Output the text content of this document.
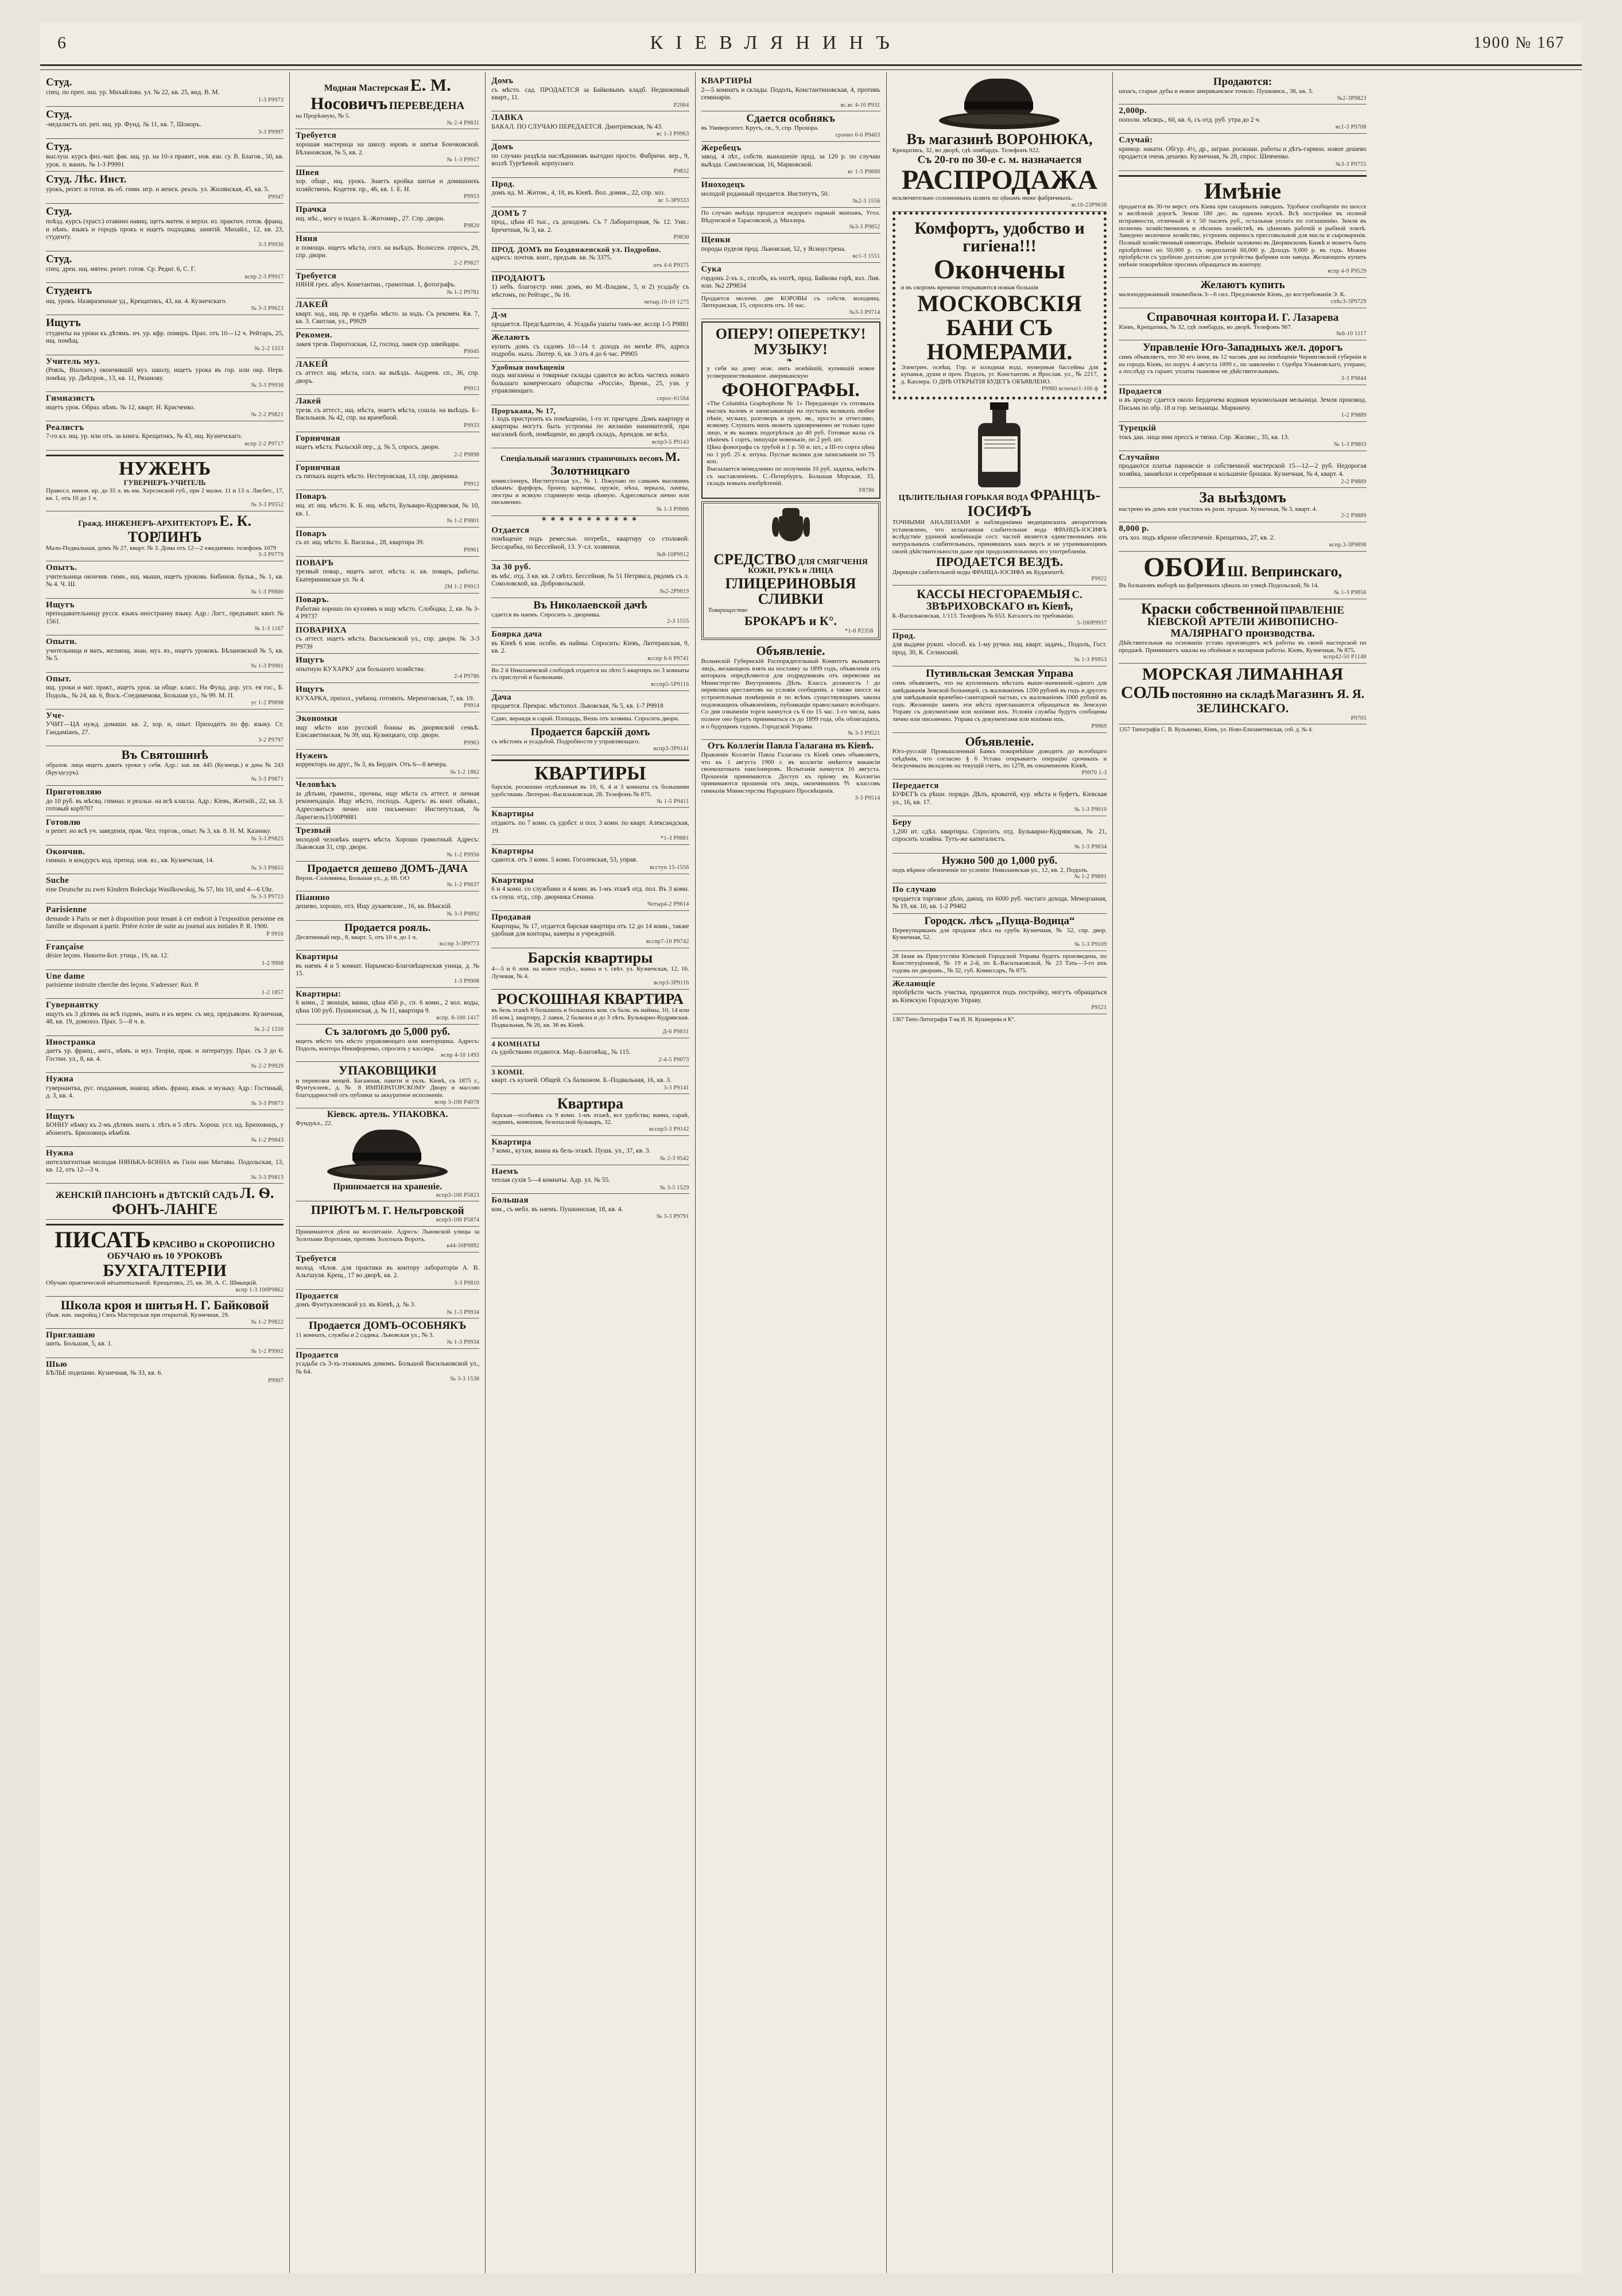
6	КІЕВЛЯНИНЪ	1900 № 167
Студ.
спец. по преп. нш. ур. Михайлова. ул. № 22, кв. 25, вид. В. М.
1-3 Р9973
Студ.
-медалистъ оп. реп. ищ. ур. Фунд. № 11, кв. 7, Шокоръ.
3-3 Р9997
Студ.
выслуш. курсъ физ.-мат. фак. ищ. ур. на 10-л правит., нов. язн. су. В. Благов., 50, кв. урок. п. ваннъ. № 1-3 Р9991
Студ. Лѣс. Инст.
урокъ, репет. и готов. въ об. гимн. игр. и женск. реалъ. ул. Жилянская, 45, кв. 5.
Р9947
Студ.
поѣзд. курсъ (храст.) отавино навиц. щетъ матем. и верхн. из. практич. готов. франц. и нѣмъ. языкъ и городъ прокъ и ищетъ подходящ. занятій. Михайл., 12, кв. 23, студенту.
3-3 Р9936
Студ.
спец. дрен. ищ. мятен. репет. готов. Ср. Реднг. 6, С. Г.
вспр 2-3 Р9917
Студентъ
ищ. урокъ. Назвразенные уд., Крещатикъ, 43, кв. 4. Кузнечскаго.
№ 3-3 Р9623
Ищутъ
студенты на уроки къ дѣтямъ. нч. ур. кфр. помиръ. Прах. отъ 10—12 ч. Рейтаръ, 25, ищ. помѣщ.
№ 2-2 1553
Учитель муз.
(Рояль, Віолонч.) окончившій муз. школу, ищетъ урока въ гор. или окр. Нерв. помѣщ. ур. Днѣпров., 13, кв. 11, Рязанову.
№ 3-3 Р9930
Гимназистъ
ищетъ урок. Образ. нѣмъ. № 12, кварт. Н. Красченко.
№ 2-2 Р9821
Реалистъ
7-го кл. ищ. ур. или отъ. за книга. Крещатикъ, № 43, ищ. Кузнечскаго.
вспр 2-2 Р9717
НУЖЕНЪ
ГУВЕРНЕРЪ-УЧИТЕЛЬ
Правосл. иннов. ир. до 35 л. въ им. Херсонской губ., при 2 мальч. 11 и 13 л. Лисбет., 17, кв. 1, отъ 10 до 1 ч.
№ 3-3 Р9552
Гражд. ИНЖЕНЕРЪ-АРХИТЕКТОРЪ Е. К. ТОРЛИНЪ
Мало-Подвальная, домъ № 27, кварт. № 3. Дома отъ 12—2 ежедневно. телефонъ 1079
3-3 Р9779
Опытъ.
учительница окончив. гимн., ищ. мыши, ищетъ урокова. Бибинов. бульв., № 1, кв. № 4. Ч. Ш.
№ 1-3 Р9800
Ищутъ
преподавательницу русск. языкъ иностранну языку. Адр.: Логт., предъявит. квит. № 1561.
№ 1-3 1167
Опытн.
учительница и мать, желающ. знан. муз. яз., ищетъ урококъ. Бѣлановской № 5, кв. № 5.
№ 1-3 Р9901
Опыт.
ищ. уроки и мат. практ., ищетъ урок. за обще. класс. На Фунд. дор. угл. ея гос., Б. Подоль., № 24, кв. 6, Воск.-Соединенова, Большая ул., № 99. М. П.
уг 1-2 Р9898
Уче-
УЧИТ—ЦА нужд. домашн. кв. 2, хор. и, опыт. Приходитъ по фр. языку. Ст. Гандаміанъ, 27.
3-2 Р9797
Въ Святошинѣ
образов. лица ищетъ давать уроки у себя. Адр.: зая. кв. 445 (Кузнецк.) и дача № 243 (Бруздсуръ).
№ 3-3 Р9871
Приготовляю
до 10 руб. въ мѣсяц. гимназ. и реальн. на всѣ классы. Адр.: Кіевъ, Житній., 22, кв. 3. готовый кор9707
Готовлю
и репет. но всѣ уч. заведенія, прак. Чел. торгов., опыт. № 3, кв. 8. Н. М. Казинку.
№ 3-3 Р9825
Окончив.
гимназ. и кондурсъ код. препод. нов. яз., кв. Кузнечсная, 14.
№ 3-3 Р9855
Suche
eine Deutsche zu zwei Kindern Boleckaja Wasilkowskaj, № 57, bis 10, und 4—6 Uhr.
№ 3-3 Р9723
Parisienne
demande à Paris se met à disposition pour tenant à cet endroit à l'exposition personne en famille se disposant à partir. Prière écrire de suite au journal aux initiales P. R. 1900.
Р 9916
Française
désire leçons. Никити-Бот. утица., 19, кв. 12.
1-2 9908
Une dame
parisienne instruite cherche des leçons. S'adresser: Кол. Р.
1-2 1857
Гувернантку
ищутъ къ 3 дѣтямъ на всѣ годомъ, знать и къ верен. съ мед. предъявлен. Кузнечная, 48, кв. 19, домохоз. Прах. 5—8 ч. в.
№ 2-2 1550
Иностранка
даетъ ур. франц., англ., нѣмъ. и муз. Теоріи, прак. и литературу. Прах. съ 3 до 6. Гостин. ул., 8, кв. 4.
№ 2-2 Р9929
Нужна
гувернантка, рус. подданная, знающ. нѣмъ. франц. язык. и музыку. Адр.: Гостиный, д. 3, кв. 4.
№ 3-3 Р9873
Ищутъ
БОННУ нѣмку къ 2-мъ дѣтямъ знать з. лѣтъ и 5 лѣтъ. Хорош. усл. ид. Брюховицъ, у абонентъ. Брюховицъ нѣмбля.
№ 1-2 Р9843
Нужна
интеллигентная молодая НЯНЬКА-БОННА въ Гили нан Митавы. Подольская, 13, кв. 12, отъ 12—3 ч.
№ 3-3 Р9813
ЖЕНСКІЙ ПАНСІОНЪ и ДѢТСКІЙ САДЪ Л. Ѳ. ФОНЪ-ЛАНГЕ
ПИСАТЬ КРАСИВО и СКОРОПИСНО ОБУЧАЮ въ 10 УРОКОВЪ БУХГАЛТЕРІИ
Обучаю практической иësamentaльной. Крещатикъ, 25, кв. 38, А. С. Шмыцкій.
вспр 1-3 100Р9862
Школа кроя и шитья Н. Г. Байковой
(быв. нач. закройщ.) Сихъ Мастерская при открытой. Кузнечная, 29.
№ 1-2 Р9822
Приглашаю
шить. Большая, 5, кв. 1.
№ 1-2 Р9902
Шью
БѢЛЬЕ подешню. Кузнечная, № 33, кв. 6.
Р9907
Модная Мастерская Е. М. Носовичъ ПЕРЕВЕДЕНА
на Прорѣзную, № 5.
№ 2-4 Р9831
Требуется
хорошая мастерица на школу юровъ и шитья Бончковской. Бѣлановская, № 5, кв. 2.
№ 1-3 Р9917
Швея
хор. обще., ищ. урокъ. Знаетъ кройка шитья и домашнихъ хозяйственъ. Кодетея. пр., 46, кв. 1. Е. Н.
Р9953
Прачка
ищ. мѣс., могу и подел. Б.-Житомир., 27. Спр. дворн.
Р9820
Няня
и помощн. ищетъ мѣста, согл. на выѣздъ. Волнссен. спросъ, 29, спр. дворн.
2-2 Р9827
Требуется
НЯНЯ грех. абуч. Конетантин., грамотная. 1, фотографъ.
№ 1-2 Р9781
ЛАКЕЙ
кварт. ход., ищ. пр. и судебн. мѣсто. за ходъ. Съ рекомен. Кв. 7, кв. 3. Свитлая, ул., Р9929
Рекомен.
лакея трезв. Пирогозская, 12, господ. лакея сур. швейцара.
Р9045
ЛАКЕЙ
съ аттест. ищ. мѣста, согл. на выѣздъ. Андреев. сп., 36, спр. дворъ.
Р9913
Лакей
трезв. съ аттест., ищ. мѣста, знаетъ мѣста, сошла. на выѣздъ. Б.-Васильков. № 42, спр. на врачебной.
Р9933
Горничная
ищетъ мѣста. Рыльскій пер., д. № 5, спросъ. дворн.
2-2 Р9898
Горничная
съ пяткахъ ищетъ мѣсто. Нестеровская, 13, спр. дворника.
Р9912
Поваръ
ищ. ат. ищ. мѣсто. К. Б. ищ. мѣсто, Бульваро-Кудрявская, № 10, кв. 1.
№ 1-2 Р9801
Поваръ
съ ат. ищ. мѣсто. Б. Васильк., 28, квартира 39.
Р9961
ПОВАРЪ
трезвый повар., ищетъ загот. мѣста. н. кв. поваръ, работы. Екатерининская ул. № 4.
2М 1-2 Р9913
Поваръ.
Работаю хорошо по кухнямъ и ищу мѣсто. Слободка, 2, кв. № 3-4 Р9737
ПОВАРИХА
съ аттест. ищетъ мѣста. Васильевской ул., спр. дворн. № 3-3 Р9739
Ищутъ
опытную КУХАРКУ для большого хозяйства.
2-4 Р9786
Ищутъ
КУХАРКА, прихол., умѣющ. готовить. Меренговская, 7, кв. 19.
Р9914
Экономки
ищу мѣсто или русской бонны въ дворянской семьѣ. Елисаветинская, № 39, ищ. Кузнецкаго, спр. дворн.
Р9963
Нуженъ
корректоръ на друг., № 3, въ Бердич. Отъ 6—8 вечера.
№ 1-2 1862
Человѣкъ
за дѣтьми, грамотн., прочны, ищу мѣста съ аттест. и личная рекомендаціи. Ищу мѣсто, господъ. Адресъ: въ конт. объявл., Адресоваться лично или письменно: Институтская, № Ларитзелъ15/00Р9881
Трезвый
молодой человѣкъ ищетъ мѣста. Хорошо грамотный. Адресъ: Львовская 31, спр. дворн.
№ 1-2 Р9956
Продается дешево ДОМЪ-ДАЧА
Верхн.-Соломянка, Большая ул., д. 66. ОО
№ 1-2 Р9837
Піанино
дешево, хорошо, отл. Ищу дукаевские., 16, кв. Вѣнскій.
№ 3-3 Р9892
Продается рояль.
Десятинный пер., 8, кварт. 5, отъ 10 ч. до 1 ч.
всспр 3-3Р9773
Квартиры
въ наемъ 4 и 5 комнат. Нарымско-Благовѣщенская уница, д. № 15.
1-3 Р9908
Квартиры:
6 комн., 2 звонціи, ванна, цѣна 450 р., сп. 6 комн., 2 кол. воды, цѣна 100 руб. Пушкинская, д. № 11, квартира 9.
вспр. 8-100 1417
Съ залогомъ до 5,000 руб.
ищетъ мѣсто чть мѣсто управляющаго или конторщика. Адресъ: Подолъ, контора Никифоренко, спросить у кассира.
вспр 4-10 1493
УПАКОВЩИКИ
и перевозки вещей. Багажная, пакети и уклъ. Кіевѣ, съ 1875 г., Фунтуклеев., д. № 8 ИМПЕРАТОРСКОМУ Двору и массою благодарностей отъ публики за аккуратное исполненіе.
вспр 3-100 Р4078
Кіевск. артель. УПАКОВКА.
Фундукл., 22.
Принимается на храненіе.
вспр3-100 Р5823
ПРІЮТЪ М. Г. Нельгровской
вспр3-100 Р5874
Принимаются дѣти на воспитаніе. Адресъ: Львовской улицы за Золотыми Воротами, противъ Золотыхъ Воротъ.
в44-50Р9892
Требуется
молод. чѣлов. для практики въ контору лабораторіи А. В. Альтшуля. Крещ., 17 во дворѣ, кв. 2.
3-3 Р9810
Продается
домъ Фунтуклеевской ул. въ Кіевѣ, д. № 3.
№ 1-3 Р9934
Продается ДОМЪ-ОСОБНЯКЪ
11 комнатъ, службы и 2 садика. Львовская ул., № 3.
№ 1-3 Р9934
Продается
усадьба съ 3-хъ-этажнымъ домомъ. Большой Васильковской ул., № 64.
№ 3-3 1538
Домъ
съ мѣсто. сад. ПРОДАЕТСЯ за Байковымъ кладб. Недвижимый кварт., 11.
Р2064
ЛАВКА
БАКАЛ. ПО СЛУЧАЮ ПЕРЕДАЕТСЯ. Дмитріевская, № 43.
вс 1-3 Р9963
Домъ
по случаю раздѣла наслѣдниковъ выгодно просто. Фабричн. вер., 9, возлѣ Тургѣевой. корпуснаго.
Р9832
Прод.
домъ ид. М. Житом., 4, 18, въ Кіевѣ. Вол. домик., 22, спр. хоз.
вс 1-3Р9333
ДОМЪ 7
прод., цѣна 45 тыс., съ доходомъ. Съ 7 Лабораторная, № 12. Уни.: Бречетная, № 3, кв. 2.
Р9830
ПРОД. ДОМЪ по Боздвиженской ул. Подробно.
адресъ: почтов. конт., предъяв. кв. № 3375.
отъ 4-6 Р9375
ПРОДАЮТЪ
1) небъ. благоустр. ими. домъ, во М.-Владим., 5, и 2) усадьбу съ мѣстомъ, по Рейтарс., № 16.
четыр.10-10 1275
Д-м
продается. Предсѣдателю, 4. Усадьба ушаты тамъ-же. всспр 1-5 Р9881
Желаютъ
купить домъ съ садомъ 10—14 т. доходъ по менѣе 8%, адреса подробн. ныхъ. Лютер. 6, кв. 3 отъ 4 до 6 час. Р9905
Удобныя помѣщенія
подъ магазины и товарные склады сдаются во всѣхъ частяхъ новаго большаго комерческаго общества «Россія», Врени., 25, узн. у управляющаго.
спрос-61564
Проръкана, № 17,
1 ходъ пристроить къ помѣщенію, 1-го эт. пригоден. Домъ квартиру и квартиры могутъ быть устроены по желанію нанимателей, при магазинѣ болѣ, помѣщеніе, во дворѣ складъ, Арендов. не всѣх.
вспр3-5 Р9143
Спеціальный магазинъ страничныхъ весовъ М. Золотницкаго
комиссіонеръ, Институтская ул., № 1. Покупаю по самымъ высокимъ цѣнамъ: фарфоръ, бронзу, картины, оружіе, мѣха, зеркала, лампы, люстры и всякую старинную вещь цѣнную. Адресоваться лично или письменно.
№ 1-3 Р9906
✶✶✶✶✶✶✶✶✶✶✶
Отдается
помѣщеніе подъ ремесльн. потребл., квартиру со столовой. Бессарабка, по Бессейной, 13. У-сл. хозяинов.
№8-10Р9912
За 30 руб.
въ мѣс. отд. 3 кв. кв. 2 свѣтл. Бессейная, № 51 Нетрякса, рядомъ съ л. Соколовской, кв. Добровольской.
№2-2Р9819
Въ Николаевской дачѣ
сдается въ наемъ. Спросить о. дворника.
2-3 1555
Боярка дача
въ Кіевѣ 6 ком. особн. въ наймы. Спросить: Кіевъ, Лютеранская, 9, кв. 2.
всспр 6-6 Р9741
Во 2 й Николаевской слободкѣ отдается на лѣто 5 квартиръ по 3 комнаты съ прислугой и балконами.
всспр5-5Р9116
Дача
продается. Прекрас. мѣстопол. Львовская, № 5, кв. 1-7 Р9918
Сдаю, верандя и сарай. Площадь, Вешь отъ хозяина. Спросить дворн.
Продается барскій домъ
съ мѣстомъ и усадьбой. Подробности у управляющаго.
вспр3-3Р9141
КВАРТИРЫ
барскія, роскошно отдѣланныя въ 10, 6, 4 и 3 комнаты съ большими удобствами. Лютеран.-Васильковская, 28. Телефонъ № 875.
№ 1-5 Р9411
Квартиры
отдаютъ. по 7 комн. съ удобст. и пол. 3 комн. по кварт. Александская, 19.
*1-3 Р9881
Квартиры
сдаются. отъ 3 комн. 5 комн. Гоголевская, 53, управ.
всступ 15-1556
Квартиры
6 и 4 комн. со службами и 4 комн. въ 1-мъ этажѣ отд. пол. Въ 3 комн. съ соуш. отд., спр. дворника Сенина.
Четыр4-2 Р9614
Продавая
Квартиры, № 17, отдается барская квартира отъ 12 до 14 комн., также удобная для конторы, камеры и учрежденій.
всспр7-10 Р9742
Барскія квартиры
4—5 и 6 лом. на новое отдѣл., ванна и т. свѣт. ул. Кузнечская, 12, 16. Лучевая, № 4.
вспр3-3Р9116
РОСКОШНАЯ КВАРТИРА
въ бель этажѣ 8 большихъ и большихъ ком. съ балк. въ наймы, 10, 14 или 16 ком.], квартиру, 2 лавки, 2 балкона и до 3 лѣтъ. Бульварно-Кудрявская. Подвальная, № 26, кв. 36 въ Кіевѣ.
Д-6 Р9831
4 КОМНАТЫ
съ удобствами отдаются. Мар.-Благовѣщ., № 115.
2-4-5 Р9073
3 КОМН.
кварт. съ кухней. Общей. Съ балконом. Б.-Подвальная, 16, кв. 3.
3-3 Р9141
Квартира
барская—особнякъ съ 9 комн. 1-мъ этажѣ, все удобства; ванна, сарай, ледникъ, конюшня, безопасной бульваръ, 32.
всспр3-3 Р9142
Квартира
7 комн., кухня, ванна въ бель-этажѣ. Пушк. ул., 37, кв. 3.
№ 2-3 9542
Наемъ
теплая сухія 5—4 комнаты. Адр. ул. № 55.
№ 3-5 1529
Большая
ком., съ мебл. въ наемъ. Пушкинская, 18, кв. 4.
№ 3-3 Р9791
КВАРТИРЫ
2—5 комнатъ и склады. Подолъ, Константиновская, 4, противъ семинаріи.
вс.вс 4-10 Р9З1
Сдается особнякъ
въ Университет. Кругъ, св., 9, спр. Прохора.
срочно 6-6 Р9403
Жеребецъ
завод. 4 лѣт., собств. выношеніе прод. за 120 р. по случаю выѣзда. Самсоновская, 16, Марковской.
вс 1-3 Р9880
Иноходецъ
молодой роданный продается. Институтъ, 50.
№2-3 1556
По случаю выѣзда продается недорого парный экипажъ, Угол. Вѣдунской и Тарасовской, д. Миллера.
№3-3 Р9852
Щенки
породы пуделя прод. Львовская, 52, у Ясноустрена.
вс1-3 1551
Сука
гордонъ 2-хъ л., спсобъ, къ охотѣ, прод. Байкова горѣ, взл. Лив. или. №2 2Р9834
Продается молочн. две КОРОВЫ съ собств. колодниц. Лютеранская, 15, спросить отъ. 16 час.
№3-3 Р9714
ОПЕРУ! ОПЕРЕТКУ! МУЗЫКУ!
❧
у себя на дому нож. нить новѣйшій, купившій новое усовершенствованное. американскую
ФОНОГРАФЫ.
«The Columbia Graphophone № 1» Передающіе съ готовыхъ высокъ валовъ и записывающіе на пустыхъ валикахъ любое пѣніе, музыку, разговоръ и проч. яв., просто и отчетливо, всякому. Слушать нихъ можетъ одновременно не только одно лицо, и въ валикъ подогрѣться до 40 руб. Готовые валы съ пѣніемъ 1 сортъ, пишущіе новенькіе, по 2 руб. шт.
Цѣна фонографа съ трубой и 1 р. 50 и. шт., а ІІІ-го сорта цѣна по 1 руб. 25 к. штука. Пустые валики для записыванія по 75 коп.
Высылается немедленно по полученіи 10 руб. задатка, наѣстъ съ наставленіемъ. С.-Петербургъ. Большая Морская, 33, складъ новыхъ изобрѣтеній.
F8786
СРЕДСТВО ДЛЯ СМЯГЧЕНІЯ КОЖИ, РУКЪ и ЛИЦА ГЛИЦЕРИНОВЫЯ СЛИВКИ
Товарищество
БРОКАРЪ и К°.
*1-8 Р2358
Объявленіе.
Волынскій Губернскій Распорядительный Комитетъ вызываетъ лицъ, желающихъ взять на поставку за 1899 годъ, объявленія отъ которыхъ опредѣляются для подрядчиковъ отъ перевозки на Министерство Внутреннихъ Дѣлъ. Классъ должность ! до перевозки арестантовъ на условія сообщеніи, а также шоссе на устроительныя помѣщенія и по всѣмъ существующимъ закона подлежащихъ объявленіямъ, публикаціи правосланаго всеобщаго. Со дня означеніи торги начнутся съ 6 по 15 час. 1-го числа, какъ полное оно будетъ приниматься съ до 1899 года, объ облигаціяхъ, и о будущимъ годомъ. Городской Управы.
№ 3-3 Р9521
Отъ Коллегіи Павла Галагана въ Кіевѣ.
Правленіе Коллегіи Павла Галагана съ Кіевѣ симъ объявляетъ, что къ 1 августа 1900 г. въ коллегіи имѣются вакансіи своекоштныхъ пансіонеровъ. Испытанія начнутся 16 августа. Прошенія принимаются. Доступ къ пріему въ Коллегію принимаются прошенія отъ лицъ, окончившихъ ⅘ классовъ гимназіи Министерства Народнаго Просвѣщенія.
3-3 Р9514
Въ магазинѣ ВОРОНЮКА,
Крещатикъ, 32, во дворѣ, гдѣ ломбардъ. Телефонъ 922.
Съ 20-го по 30-е с. м. назначается РАСПРОДАЖА
исключительно соломенныхъ шляпъ по цѣнамъ ниже фабричныхъ.
вс10-23Р9638
Комфортъ, удобство и гигіена!!! Окончены
и въ скоромъ времени открываются новыя большія
МОСКОВСКІЯ БАНИ СЪ НОМЕРАМИ.
Электрич. освѣщ. Гор. и холодная вода, нумерныя бассейны для купанья, души и проч. Подолъ, уг. Константин. и Ярослав. ул., № 2217, д. Каплера. О ДНѢ ОТКРЫТІЯ БУДЕТЪ ОБЪЯВЛЕНО.
Р9980 вспечат1-100 ф
ЦѢЛИТЕЛЬНАЯ ГОРЬКАЯ ВОДА ФРАНЦЪ-ІОСИФЪ
ТОЧНЫМИ АНАЛИЗАМИ и наблюденіями медицинскихъ авторитетовъ установлено, что испытанная слабительная вода ФРАНЦЪ-ІОСИФЪ вслѣдствіе удачной комбинаціи сост. частей является единственнымъ изъ натуральныхъ слабительныхъ, принявшихъ какъ вкусъ и не утрачивающимъ своей дѣйствительности даже при продолжительномъ его употребленіи.
ПРОДАЕТСЯ ВЕЗДѢ.
Дирекція слабительной воды ФРАНЦА-ІОСИФА въ Будапештѣ.
Р9922
КАССЫ НЕСГОРАЕМЫЯ С. ЗВѢРИХОВСКАГО въ Кіевѣ,
Б.-Васильковская, 1/113. Телефонъ № 653. Каталогъ по требованію.
5-100Р9937
Прод.
для выдачи рукоп. «Іособ. къ 1-му ручки. ищ. кварт. задачъ., Подолъ, Гост. прод. 30, К. Селинский.
№ 1-3 Р9953
Путивльская Земская Управа
симъ объявляетъ, что на купленныхъ мѣстахъ выше-значенной:-одного для завѣдыванія Земской больницей, съ жалованіемъ 1200 рублей въ годъ и другого для завѣдыванія врачебно-санитарной частью, съ жалованіемъ 1000 рублей въ годъ. Желающіе занять эти мѣста приглашаются обращаться въ Земскую Управу съ документами или копіями ихъ. Условія службы будутъ сообщены лично или письменно. Управа съ документами или копіями ихъ.
Р9969
Объявленіе.
Юго-русскій Промышленный Банкъ покорнѣйше доводитъ до всеобщаго свѣдѣнія, что согласно § 6 Устава открываетъ операцію срочныхъ и безсрочныхъ вкладовъ на текущій счетъ, по 1278, въ означенномъ Кіевѣ.
Р9970 1-3
Передается
БУФЕТЪ съ рѣшн. порядн. Дѣлъ, кроватей, кур. мѣста и буфетъ. Кіевская ул., 16, кв. 17.
№ 1-3 Р9010
Беру
1,200 ит. сдѣл. квартиры. Спросить отд. Бульварно-Кудрявская, № 21, спросить хозяйна. Тутъ-же капиталистъ.
№ 1-3 Р9034
Нужно 500 до 1,000 руб.
подъ вѣрное обезпеченіе по условіи: Николаевская ул., 12, кв. 2, Подолъ.
№ 1-2 Р9891
По случаю
продается торговое дѣло, дающ. по 6000 руб. чистаго дохода. Меморзаная, № 19, кв. 10, кв. 1-2 Р9402
Городск. лѣсъ „Пуща-Водица“
Перекупщикамъ для продажи лѣса на срубъ Кузнечная, № 52, спр. двор. Кузнечная, 52.
№ 1-3 Р9109
28 Іюня въ Присутствіи Кіевской Городской Управы будетъ произведена, по Конституціонной, № 19 и 2-й, по Б.-Васильковской, № 23 Тать—3-го ихъ годовъ по дворамъ., № 32, губ. Комиссаръ, № 875.
Желающіе
пріобрѣсти часть участка, продаются подъ постройку, могутъ обращаться въ Кіевскую Городскую Управу.
Р9521
1367 Типо-Литографія Т-ва И. Н. Кушнерева и К°.
Продаются:
шпагъ, старые дубы и новое американское точило. Пушкинск., 36, кв. 3.
№2-3Р9823
2,000р.
пополн. мѣсяцъ., 60, кв. 6, съ отд. руб. утра до 2 ч.
вс1-3 Р9708
Случай:
кримор. накати. Обгур. 4½, др., загран. роскоши. работы и дѣтъ-гармон. новое дешево продается очень дешево. Кузнечная, № 28, спрос. Шевченко.
№3-3 Р9755
Имѣніе
продается въ 30-ти верст. отъ Кіева при сахарныхъ заводахъ. Удобное сообщеніе по шоссе и желѣзной дорогѣ. Земли 180 дес. въ одномъ кускѣ. Всѣ постройки въ полной исправности, отличный и т. 50 тысячъ руб., остальная уплата по соглашенію. Земля въ полномъ хозяйственномъ и лѣсномъ хозяйствѣ, въ цѣнномъ рабочій и рыбной ловлѣ. Заведено молочное хозяйство, устроенъ переносъ прессовальной для масла и сыроваренія. Полный хозяйственный инвентарь. Имѣніе заложено въ Дворянскомъ Банкѣ и можетъ быть пріобрѣтено по 50,000 р. съ переплатой 60,000 р. Доходъ 9,000 р. въ годъ. Можно пріобрѣсти съ удобною доплатою для устройства фабрики или завода. Желающихъ купить имѣніе покорнѣйше просимъ обращаться въ контору.
вспр 4-9 Р9529
Желаютъ купить
малоподержанный локомобиль 3—6 сил. Предложеніе Кіевъ, до востребованія Э. К.
спѣсЗ-3Р9729
Справочная контора И. Г. Лазарева
Кіевъ, Крещатикъ, № 32, гдѣ ломбардъ, во дворѣ. Телефонъ 967.
№6-10 1117
Управленіе Юго-Западныхъ жел. дорогъ
симъ объявляетъ, что 30 его іюня, въ 12 часовъ дня на помѣщеніе Черниговской губерніи и на городъ Кіевъ, по поруч. 4 августа 1899 г., по заявленію г. Одобра Ульяновскаго, утерано, а послѣду съ гарант. уплаты ткановое не дѣйствительнымъ.
3-3 Р9844
Продается
и въ аренду сдается около Бердичева водяная мукомольная мельница. Земля производ. Письма по обр. 18 и гор. мельницы. Маркинчу.
1-2 Р9889
Турецкій
токъ дан. лица ими прессъ и тяпки. Спр. Жилянс., 35, кв. 13.
№ 1-3 Р9803
Случайно
продаются платья парижскіе и собственной мастерской 15—12—2 руб. Недорогая хозяйка, занавѣски и серебряныя и кольшеніе брошки. Кузнечная, № 4, кварт. 4.
2-2 Р9889
За выѣздомъ
настрено въ домъ или участокъ въ разн. продаж. Кузнечная, № 3, кварт. 4.
2-2 Р9889
8,000 р.
отъ хоз. подъ вѣрное обеспеченіе. Крещатикъ, 27, кв. 2.
вспр.3-3Р9898
ОБОИ Ш. Вепринскаго,
Въ большомъ выборѣ на фабричныхъ цѣнахъ по улицѣ Подольской, № 14.
№ 1-3 Р9856
Краски собственной ПРАВЛЕНІЕ КІЕВСКОЙ АРТЕЛИ ЖИВОПИСНО-МАЛЯРНАГО производства.
Дѣйствительная на основаніи устава производятъ всѣ работы въ своей мастерской по продажѣ. Принимаетъ заказы на обойныя и малярныя работы. Кіевъ, Кузнечная, № 875.
вспр42-50 Р1148
МОРСКАЯ ЛИМАННАЯ СОЛЬ постоянно на складѣ Магазинъ Я. Я. ЗЕЛИНСКАГО.
Р9705
1357 Типографія С. В. Кульженко, Кіевъ, ул. Ново-Елизаветинская, соб. д. № 4.
